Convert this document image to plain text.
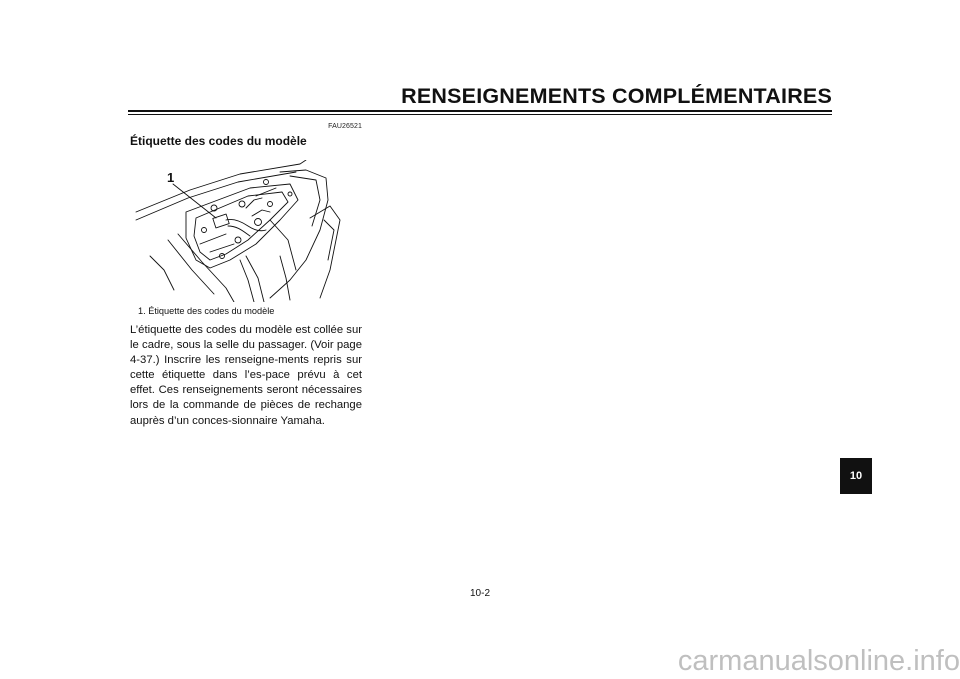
RENSEIGNEMENTS COMPLÉMENTAIRES
FAU26521
Étiquette des codes du modèle
1
1. Étiquette des codes du modèle
L’étiquette des codes du modèle est collée sur le cadre, sous la selle du passager. (Voir page 4-37.) Inscrire les renseigne-ments repris sur cette étiquette dans l’es-pace prévu à cet effet. Ces renseignements seront nécessaires lors de la commande de pièces de rechange auprès d’un conces-sionnaire Yamaha.
10
10-2
carmanualsonline.info
